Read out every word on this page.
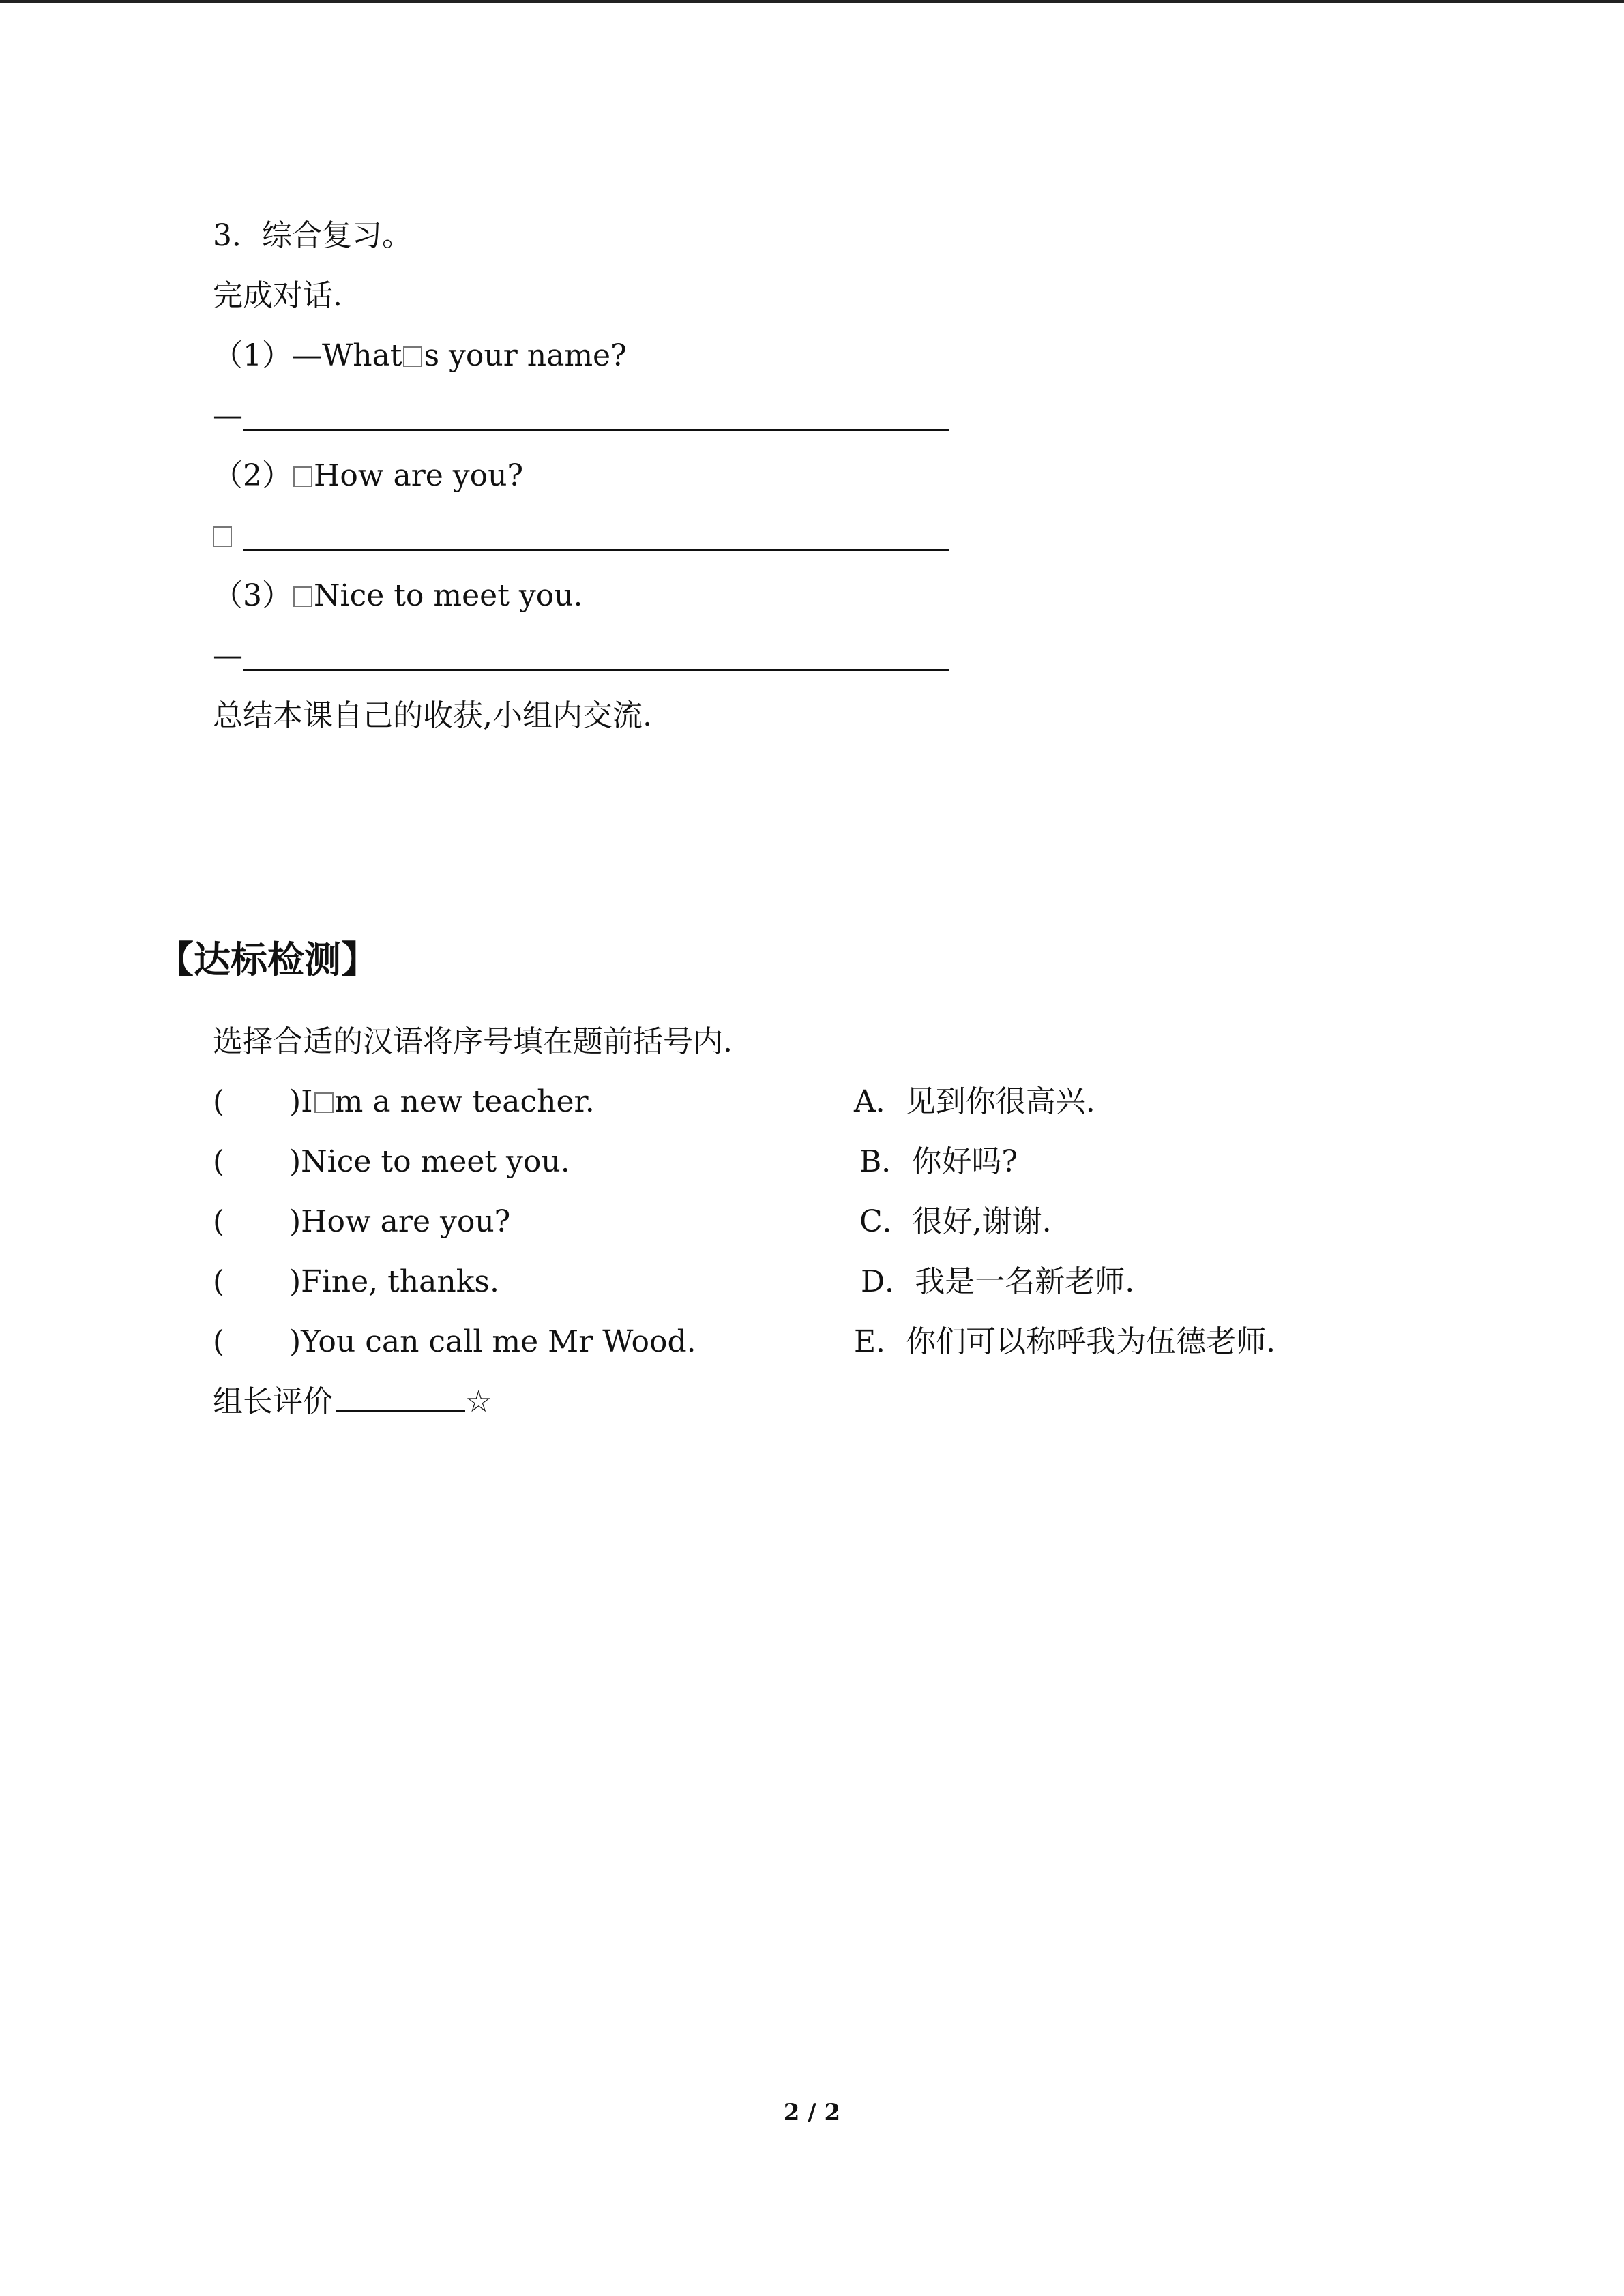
3．综合复习。
完成对话.
（1）—What s your name?
—
（2） How are you?
（3） Nice to meet you.
—
总结本课自己的收获,小组内交流.
【达标检测】
选择合适的汉语将序号填在题前括号内.
( )I m a new teacher.
( )Nice to meet you.
( )How are you?
( )Fine, thanks.
( )You can call me Mr Wood.
A．见到你很高兴.
B．你好吗?
C．很好,谢谢.
D．我是一名新老师.
E．你们可以称呼我为伍德老师.
组长评价	☆
2 / 2
